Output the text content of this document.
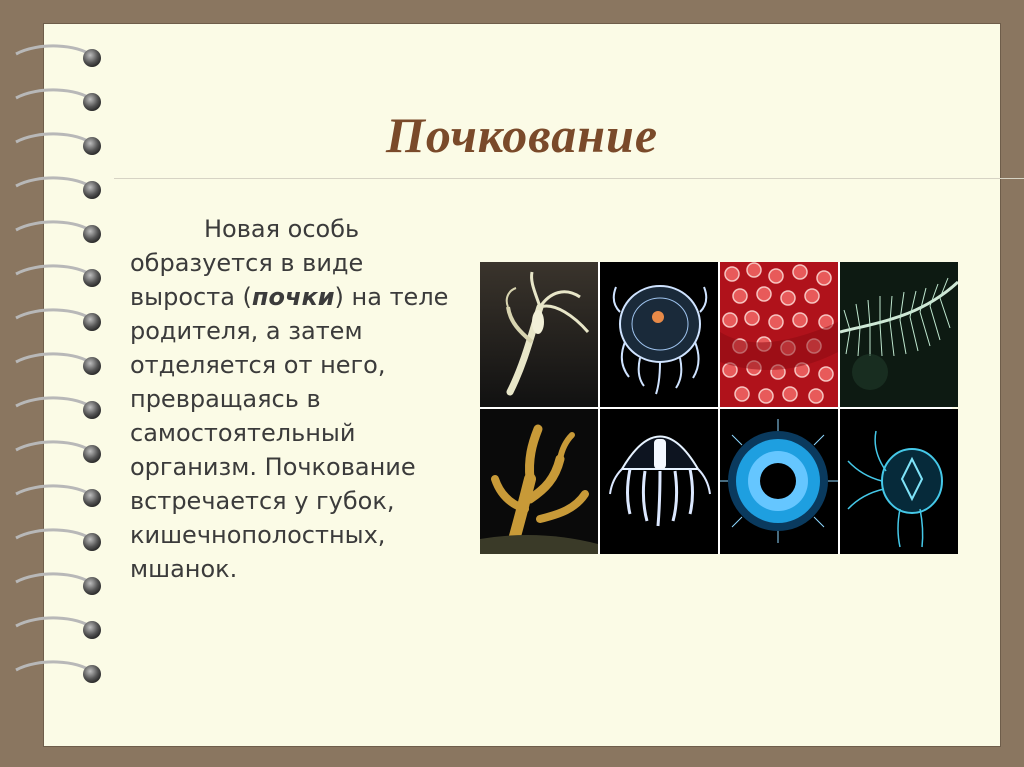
Почкование
Новая особь образуется в виде выроста (почки) на теле родителя, а затем отделяется от него, превращаясь в самостоятельный организм. Почкование встречается у губок, кишечнополостных, мшанок.
